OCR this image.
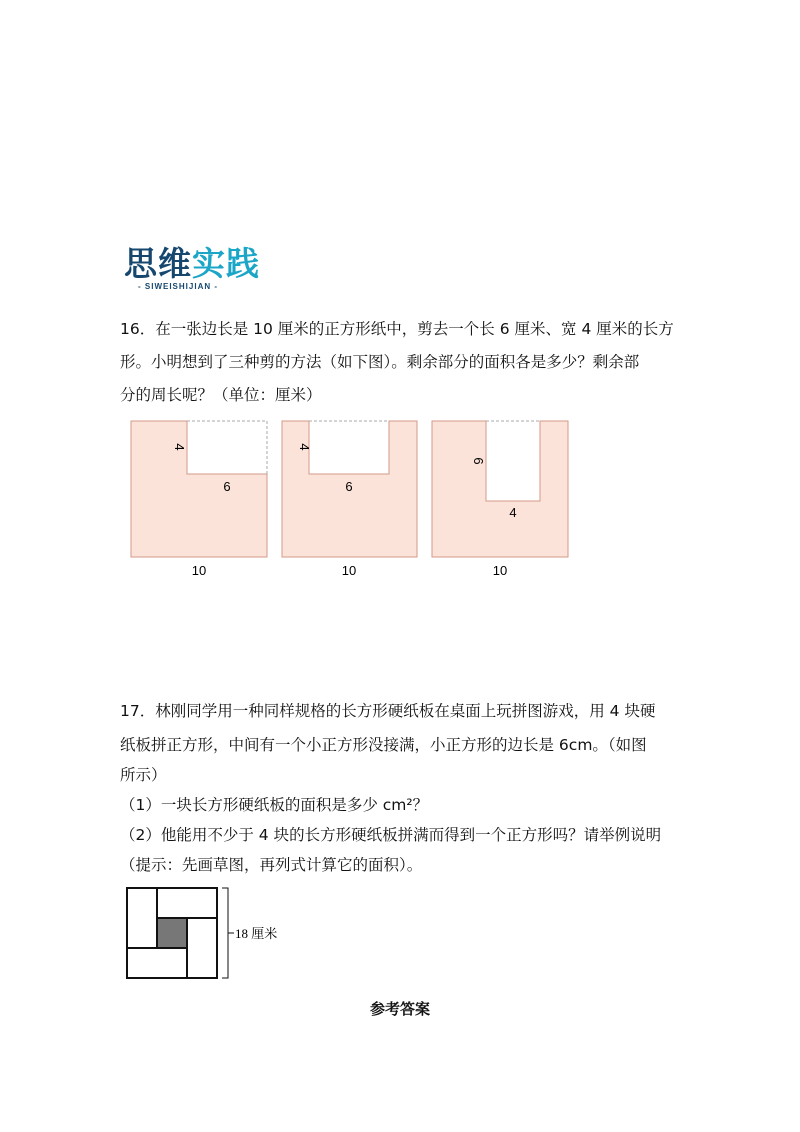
思维实践
- SIWEISHIJIAN -
16．在一张边长是 10 厘米的正方形纸中，剪去一个长 6 厘米、宽 4 厘米的长方
形。小明想到了三种剪的方法（如下图）。剩余部分的面积各是多少？剩余部
分的周长呢？（单位：厘米）
4
6
10
4
6
10
6
4
10
17．林刚同学用一种同样规格的长方形硬纸板在桌面上玩拼图游戏，用 4 块硬
纸板拼正方形，中间有一个小正方形没接满，小正方形的边长是 6cm。（如图
所示）
（1）一块长方形硬纸板的面积是多少 cm²？
（2）他能用不少于 4 块的长方形硬纸板拼满而得到一个正方形吗？请举例说明
（提示：先画草图，再列式计算它的面积）。
18 厘米
参考答案
